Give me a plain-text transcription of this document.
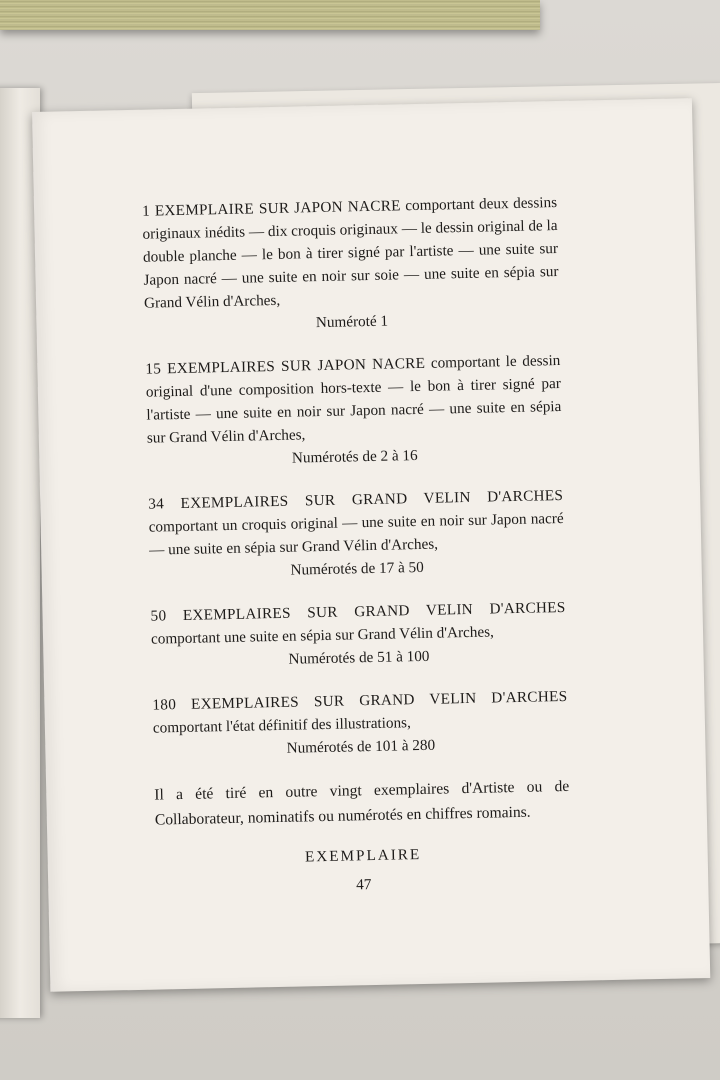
1 EXEMPLAIRE SUR JAPON NACRE comportant deux dessins originaux inédits — dix croquis originaux — le dessin original de la double planche — le bon à tirer signé par l'artiste — une suite sur Japon nacré — une suite en noir sur soie — une suite en sépia sur Grand Vélin d'Arches,

Numéroté 1

15 EXEMPLAIRES SUR JAPON NACRE comportant le dessin original d'une composition hors-texte — le bon à tirer signé par l'artiste — une suite en noir sur Japon nacré — une suite en sépia sur Grand Vélin d'Arches,

Numérotés de 2 à 16

34 EXEMPLAIRES SUR GRAND VELIN D'ARCHES comportant un croquis original — une suite en noir sur Japon nacré — une suite en sépia sur Grand Vélin d'Arches,

Numérotés de 17 à 50

50 EXEMPLAIRES SUR GRAND VELIN D'ARCHES comportant une suite en sépia sur Grand Vélin d'Arches,

Numérotés de 51 à 100

180 EXEMPLAIRES SUR GRAND VELIN D'ARCHES comportant l'état définitif des illustrations,

Numérotés de 101 à 280

Il a été tiré en outre vingt exemplaires d'Artiste ou de Collaborateur, nominatifs ou numérotés en chiffres romains.

EXEMPLAIRE

47
